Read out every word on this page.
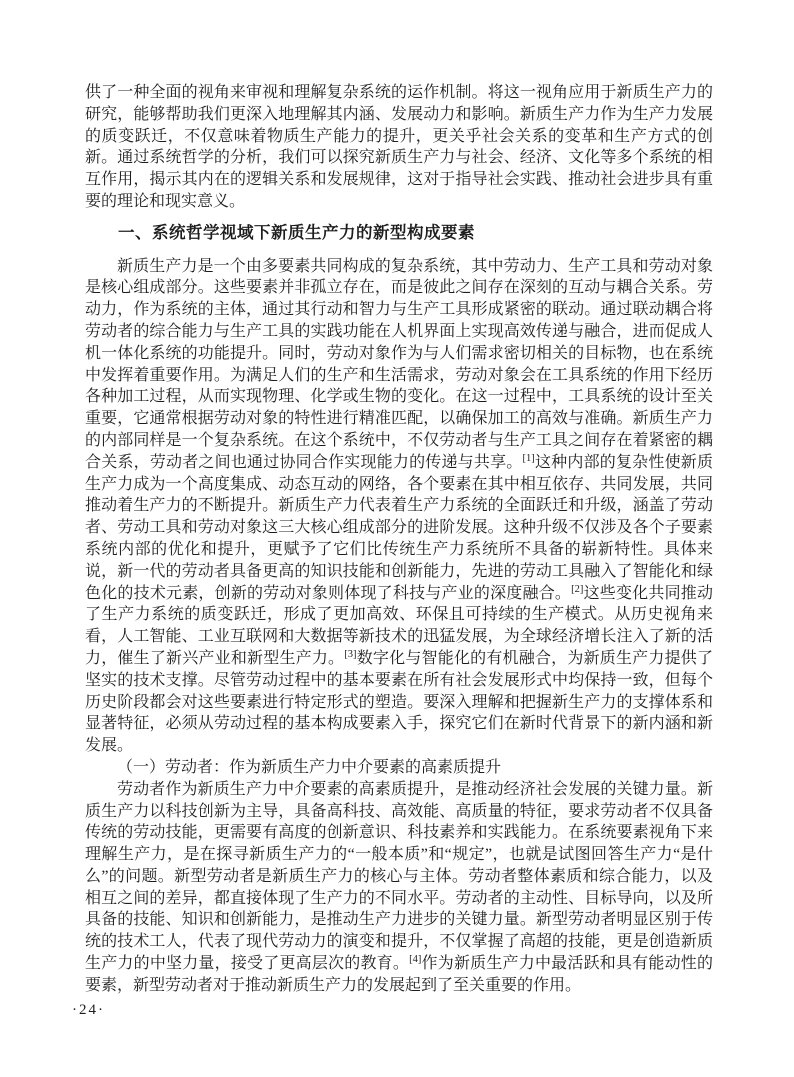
供了一种全面的视角来审视和理解复杂系统的运作机制。将这一视角应用于新质生产力的研究，能够帮助我们更深入地理解其内涵、发展动力和影响。新质生产力作为生产力发展的质变跃迁，不仅意味着物质生产能力的提升，更关乎社会关系的变革和生产方式的创新。通过系统哲学的分析，我们可以探究新质生产力与社会、经济、文化等多个系统的相互作用，揭示其内在的逻辑关系和发展规律，这对于指导社会实践、推动社会进步具有重要的理论和现实意义。

一、系统哲学视域下新质生产力的新型构成要素

新质生产力是一个由多要素共同构成的复杂系统，其中劳动力、生产工具和劳动对象是核心组成部分。这些要素并非孤立存在，而是彼此之间存在深刻的互动与耦合关系。劳动力，作为系统的主体，通过其行动和智力与生产工具形成紧密的联动。通过联动耦合将劳动者的综合能力与生产工具的实践功能在人机界面上实现高效传递与融合，进而促成人机一体化系统的功能提升。同时，劳动对象作为与人们需求密切相关的目标物，也在系统中发挥着重要作用。为满足人们的生产和生活需求，劳动对象会在工具系统的作用下经历各种加工过程，从而实现物理、化学或生物的变化。在这一过程中，工具系统的设计至关重要，它通常根据劳动对象的特性进行精准匹配，以确保加工的高效与准确。新质生产力的内部同样是一个复杂系统。在这个系统中，不仅劳动者与生产工具之间存在着紧密的耦合关系，劳动者之间也通过协同合作实现能力的传递与共享。[1]这种内部的复杂性使新质生产力成为一个高度集成、动态互动的网络，各个要素在其中相互依存、共同发展，共同推动着生产力的不断提升。新质生产力代表着生产力系统的全面跃迁和升级，涵盖了劳动者、劳动工具和劳动对象这三大核心组成部分的进阶发展。这种升级不仅涉及各个子要素系统内部的优化和提升，更赋予了它们比传统生产力系统所不具备的崭新特性。具体来说，新一代的劳动者具备更高的知识技能和创新能力，先进的劳动工具融入了智能化和绿色化的技术元素，创新的劳动对象则体现了科技与产业的深度融合。[2]这些变化共同推动了生产力系统的质变跃迁，形成了更加高效、环保且可持续的生产模式。从历史视角来看，人工智能、工业互联网和大数据等新技术的迅猛发展，为全球经济增长注入了新的活力，催生了新兴产业和新型生产力。[3]数字化与智能化的有机融合，为新质生产力提供了坚实的技术支撑。尽管劳动过程中的基本要素在所有社会发展形式中均保持一致，但每个历史阶段都会对这些要素进行特定形式的塑造。要深入理解和把握新生产力的支撑体系和显著特征，必须从劳动过程的基本构成要素入手，探究它们在新时代背景下的新内涵和新发展。

（一）劳动者：作为新质生产力中介要素的高素质提升

劳动者作为新质生产力中介要素的高素质提升，是推动经济社会发展的关键力量。新质生产力以科技创新为主导，具备高科技、高效能、高质量的特征，要求劳动者不仅具备传统的劳动技能，更需要有高度的创新意识、科技素养和实践能力。在系统要素视角下来理解生产力，是在探寻新质生产力的“一般本质”和“规定”，也就是试图回答生产力“是什么”的问题。新型劳动者是新质生产力的核心与主体。劳动者整体素质和综合能力，以及相互之间的差异，都直接体现了生产力的不同水平。劳动者的主动性、目标导向，以及所具备的技能、知识和创新能力，是推动生产力进步的关键力量。新型劳动者明显区别于传统的技术工人，代表了现代劳动力的演变和提升，不仅掌握了高超的技能，更是创造新质生产力的中坚力量，接受了更高层次的教育。[4]作为新质生产力中最活跃和具有能动性的要素，新型劳动者对于推动新质生产力的发展起到了至关重要的作用。

·24·
